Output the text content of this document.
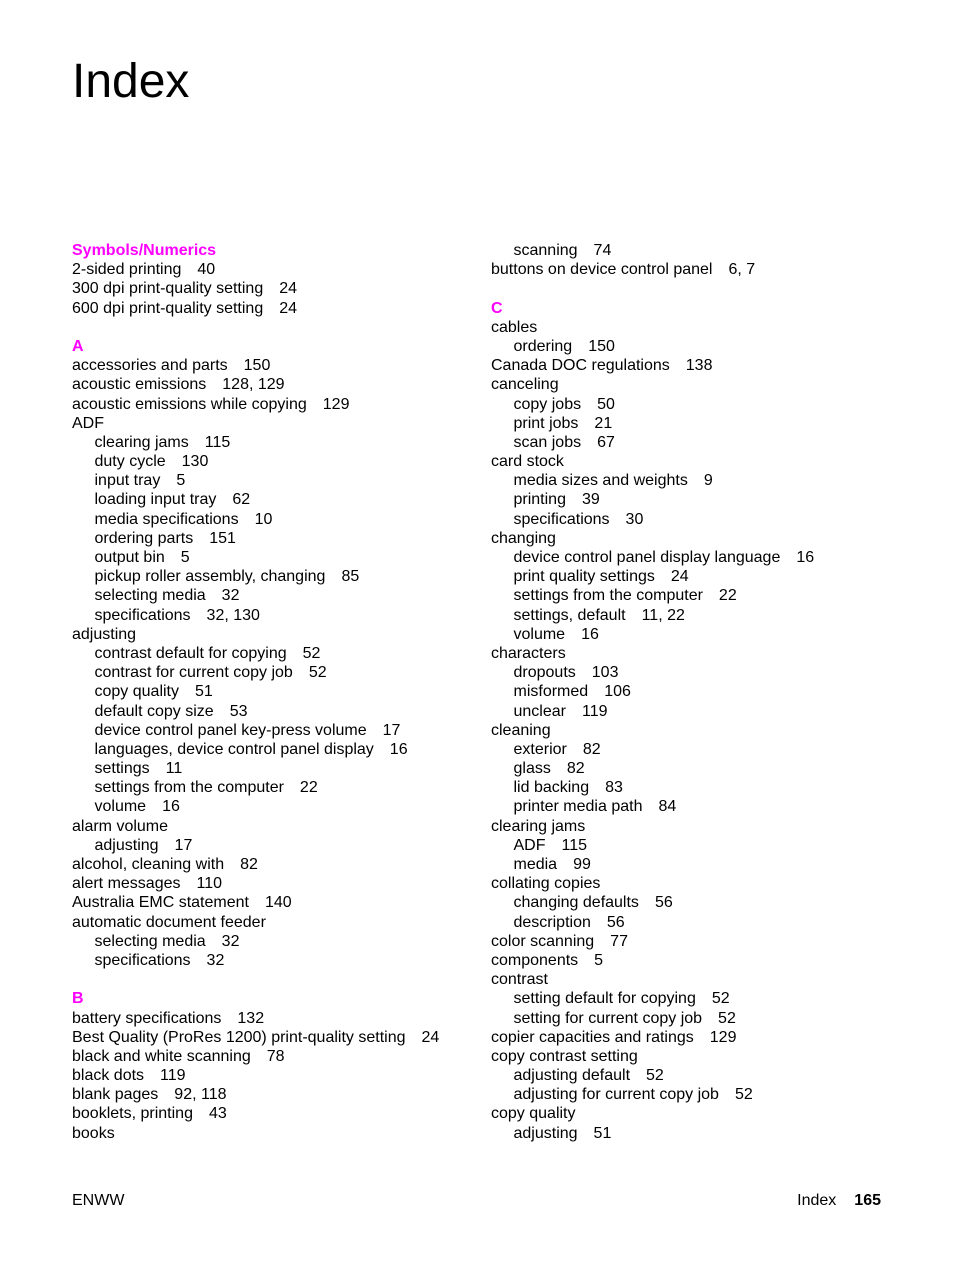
Index
Symbols/Numerics
2-sided printing 40
300 dpi print-quality setting 24
600 dpi print-quality setting 24
A
accessories and parts 150
acoustic emissions 128, 129
acoustic emissions while copying 129
ADF
clearing jams 115
duty cycle 130
input tray 5
loading input tray 62
media specifications 10
ordering parts 151
output bin 5
pickup roller assembly, changing 85
selecting media 32
specifications 32, 130
adjusting
contrast default for copying 52
contrast for current copy job 52
copy quality 51
default copy size 53
device control panel key-press volume 17
languages, device control panel display 16
settings 11
settings from the computer 22
volume 16
alarm volume
adjusting 17
alcohol, cleaning with 82
alert messages 110
Australia EMC statement 140
automatic document feeder
selecting media 32
specifications 32
B
battery specifications 132
Best Quality (ProRes 1200) print-quality setting 24
black and white scanning 78
black dots 119
blank pages 92, 118
booklets, printing 43
books
scanning 74
buttons on device control panel 6, 7
C
cables
ordering 150
Canada DOC regulations 138
canceling
copy jobs 50
print jobs 21
scan jobs 67
card stock
media sizes and weights 9
printing 39
specifications 30
changing
device control panel display language 16
print quality settings 24
settings from the computer 22
settings, default 11, 22
volume 16
characters
dropouts 103
misformed 106
unclear 119
cleaning
exterior 82
glass 82
lid backing 83
printer media path 84
clearing jams
ADF 115
media 99
collating copies
changing defaults 56
description 56
color scanning 77
components 5
contrast
setting default for copying 52
setting for current copy job 52
copier capacities and ratings 129
copy contrast setting
adjusting default 52
adjusting for current copy job 52
copy quality
adjusting 51
ENWW	Index 165
